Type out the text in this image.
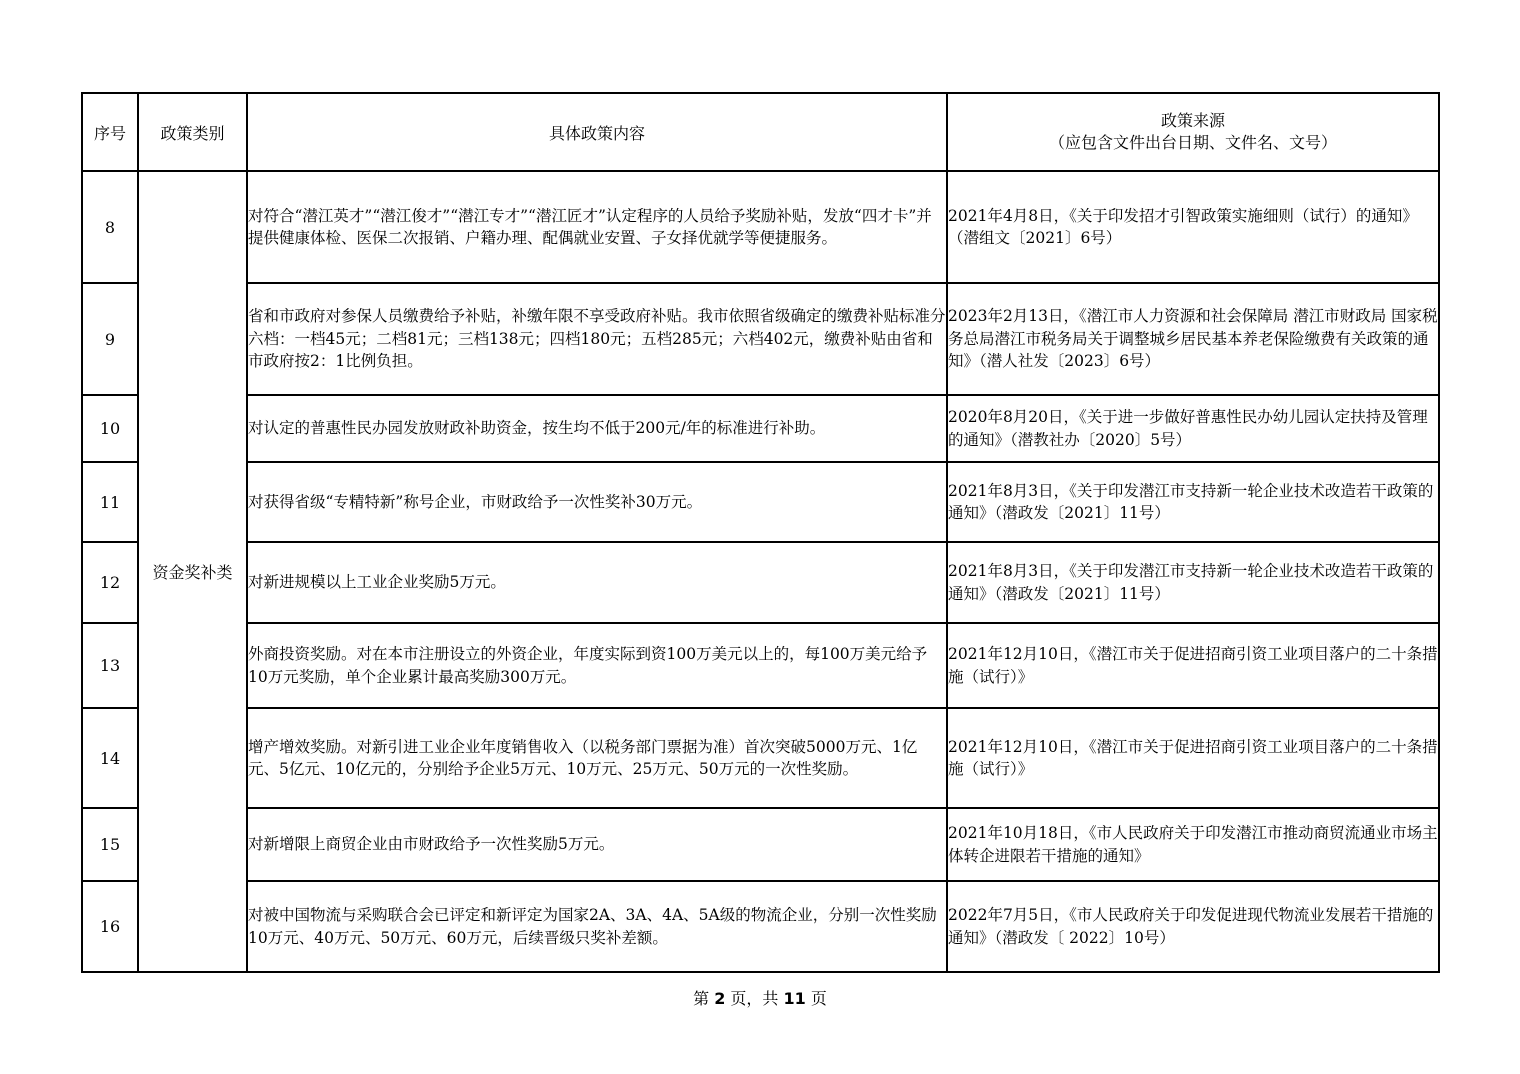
序号	政策类别	具体政策内容	政策来源
（应包含文件出台日期、文件名、文号）

8	资金奖补类	对符合“潜江英才”“潜江俊才”“潜江专才”“潜江匠才”认定程序的人员给予奖励补贴，发放“四才卡”并提供健康体检、医保二次报销、户籍办理、配偶就业安置、子女择优就学等便捷服务。	2021年4月8日，《关于印发招才引智政策实施细则（试行）的通知》（潜组文〔2021〕6号）
9		省和市政府对参保人员缴费给予补贴，补缴年限不享受政府补贴。我市依照省级确定的缴费补贴标准分六档：一档45元；二档81元；三档138元；四档180元；五档285元；六档402元，缴费补贴由省和市政府按2：1比例负担。	2023年2月13日，《潜江市人力资源和社会保障局 潜江市财政局 国家税务总局潜江市税务局关于调整城乡居民基本养老保险缴费有关政策的通知》（潜人社发〔2023〕6号）
10		对认定的普惠性民办园发放财政补助资金，按生均不低于200元/年的标准进行补助。	2020年8月20日，《关于进一步做好普惠性民办幼儿园认定扶持及管理的通知》（潜教社办〔2020〕5号）
11		对获得省级“专精特新”称号企业，市财政给予一次性奖补30万元。	2021年8月3日，《关于印发潜江市支持新一轮企业技术改造若干政策的通知》（潜政发〔2021〕11号）
12		对新进规模以上工业企业奖励5万元。	2021年8月3日，《关于印发潜江市支持新一轮企业技术改造若干政策的通知》（潜政发〔2021〕11号）
13		外商投资奖励。对在本市注册设立的外资企业，年度实际到资100万美元以上的，每100万美元给予10万元奖励，单个企业累计最高奖励300万元。	2021年12月10日，《潜江市关于促进招商引资工业项目落户的二十条措施（试行）》
14		增产增效奖励。对新引进工业企业年度销售收入（以税务部门票据为准）首次突破5000万元、1亿元、5亿元、10亿元的，分别给予企业5万元、10万元、25万元、50万元的一次性奖励。	2021年12月10日，《潜江市关于促进招商引资工业项目落户的二十条措施（试行）》
15		对新增限上商贸企业由市财政给予一次性奖励5万元。	2021年10月18日，《市人民政府关于印发潜江市推动商贸流通业市场主体转企进限若干措施的通知》
16		对被中国物流与采购联合会已评定和新评定为国家2A、3A、4A、5A级的物流企业，分别一次性奖励10万元、40万元、50万元、60万元，后续晋级只奖补差额。	2022年7月5日，《市人民政府关于印发促进现代物流业发展若干措施的通知》（潜政发〔 2022〕10号）
第 2 页，共 11 页
